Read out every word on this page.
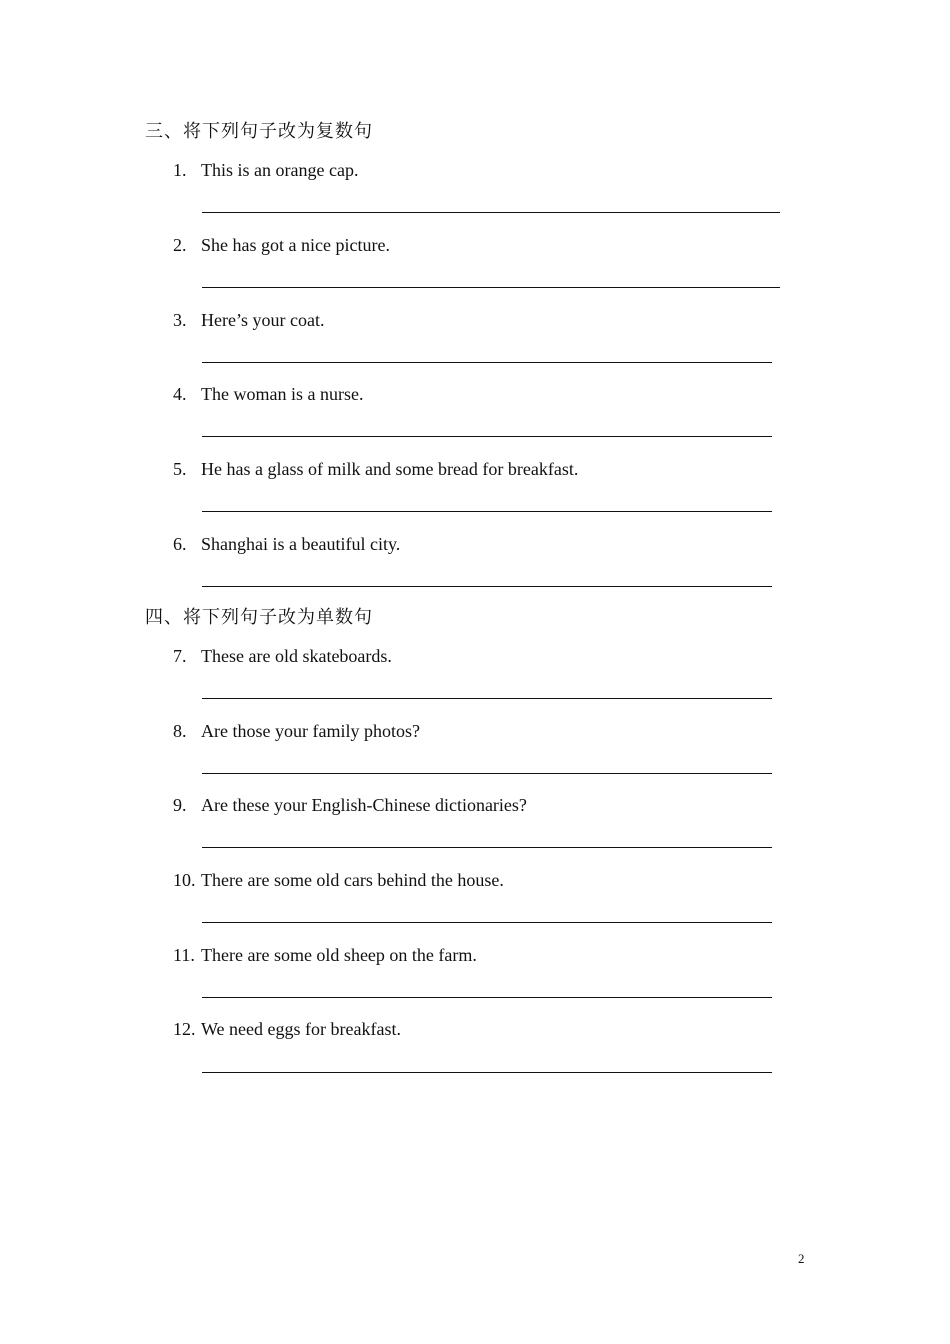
三、将下列句子改为复数句
1. This is an orange cap.
2. She has got a nice picture.
3. Here’s your coat.
4. The woman is a nurse.
5. He has a glass of milk and some bread for breakfast.
6. Shanghai is a beautiful city.
四、将下列句子改为单数句
7. These are old skateboards.
8. Are those your family photos?
9. Are these your English-Chinese dictionaries?
10. There are some old cars behind the house.
11. There are some old sheep on the farm.
12. We need eggs for breakfast.
2
